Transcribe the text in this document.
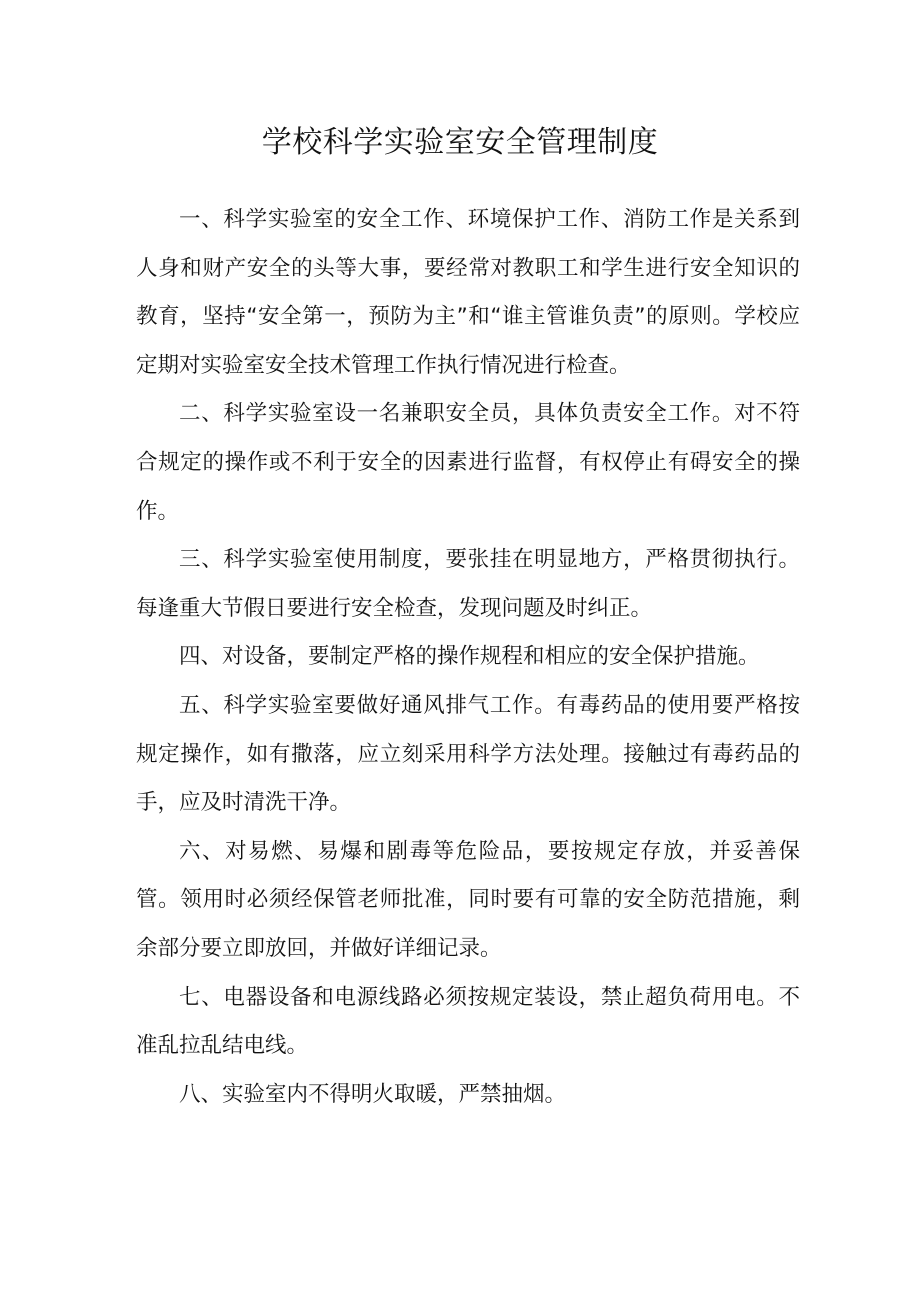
学校科学实验室安全管理制度

一、科学实验室的安全工作、环境保护工作、消防工作是关系到人身和财产安全的头等大事，要经常对教职工和学生进行安全知识的教育，坚持“安全第一，预防为主”和“谁主管谁负责”的原则。学校应定期对实验室安全技术管理工作执行情况进行检查。

二、科学实验室设一名兼职安全员，具体负责安全工作。对不符合规定的操作或不利于安全的因素进行监督，有权停止有碍安全的操作。

三、科学实验室使用制度，要张挂在明显地方，严格贯彻执行。每逢重大节假日要进行安全检查，发现问题及时纠正。

四、对设备，要制定严格的操作规程和相应的安全保护措施。

五、科学实验室要做好通风排气工作。有毒药品的使用要严格按规定操作，如有撒落，应立刻采用科学方法处理。接触过有毒药品的手，应及时清洗干净。

六、对易燃、易爆和剧毒等危险品，要按规定存放，并妥善保管。领用时必须经保管老师批准，同时要有可靠的安全防范措施，剩余部分要立即放回，并做好详细记录。

七、电器设备和电源线路必须按规定装设，禁止超负荷用电。不准乱拉乱结电线。

八、实验室内不得明火取暖，严禁抽烟。
